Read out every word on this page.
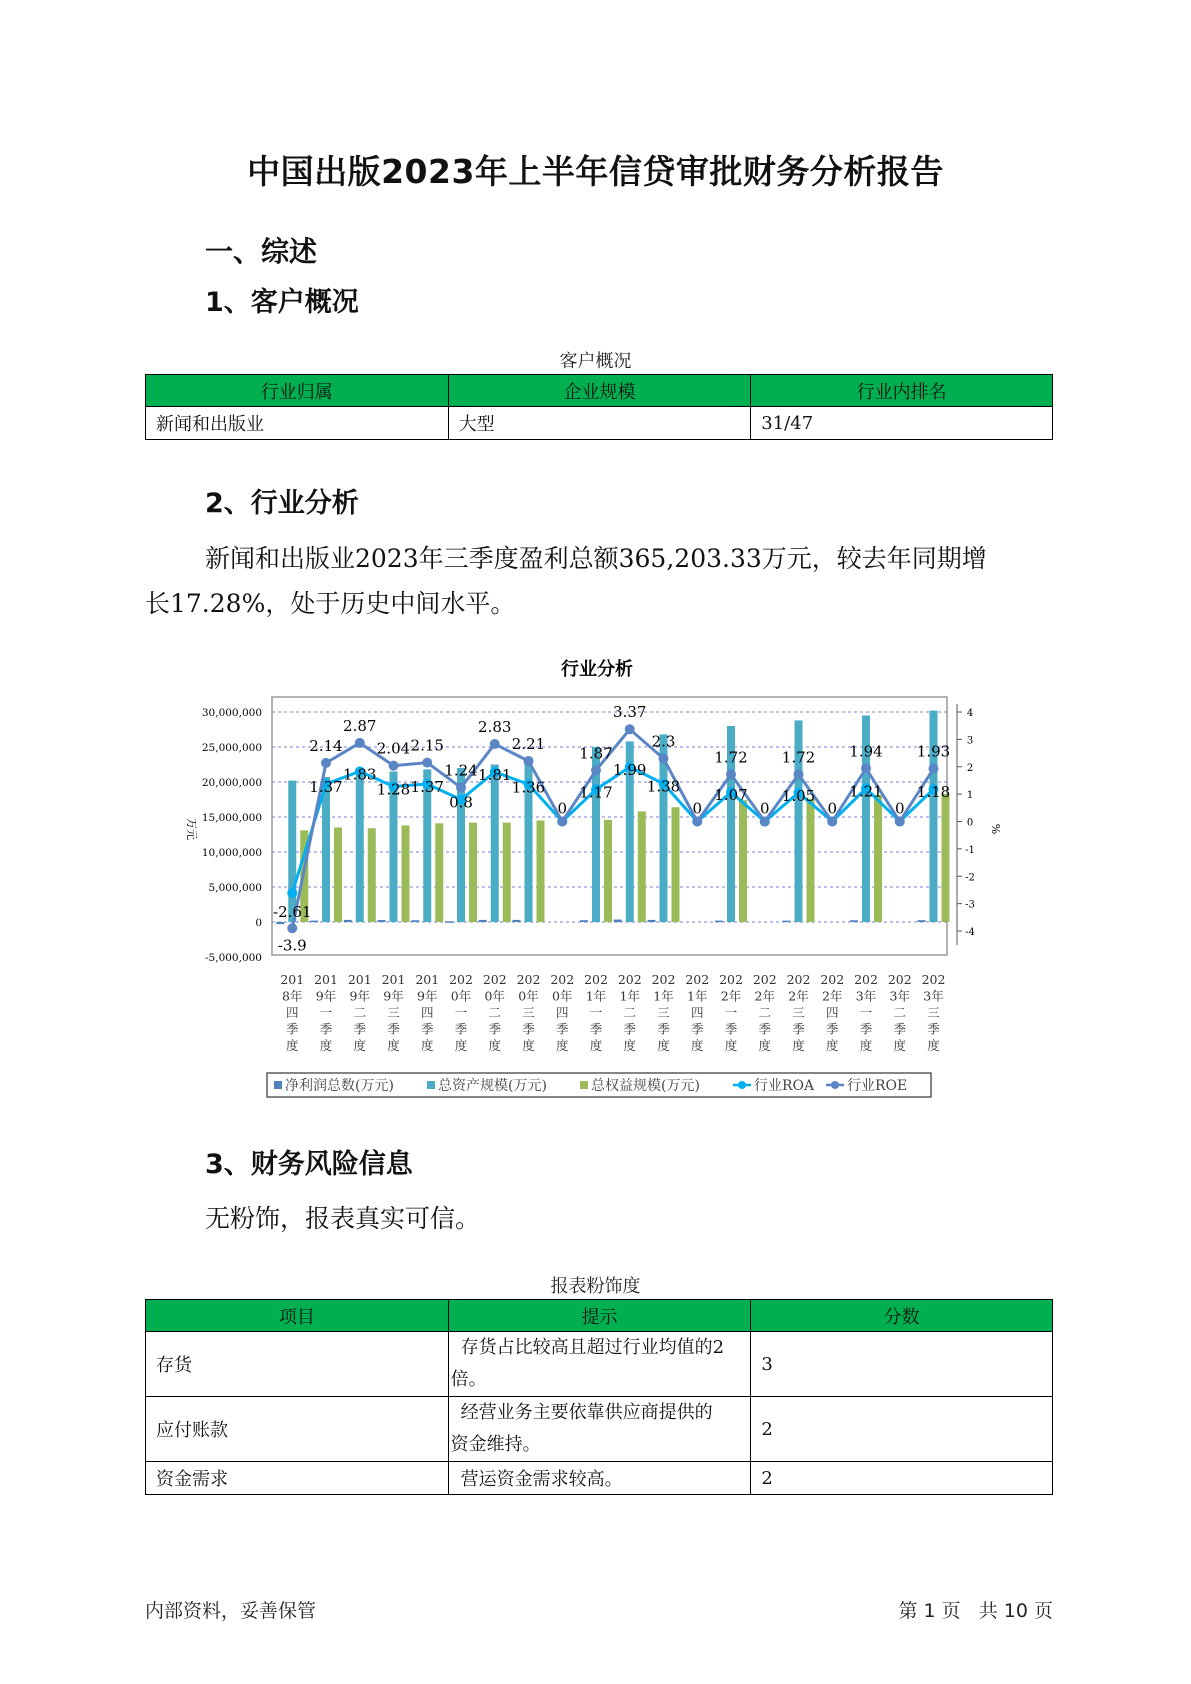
中国出版2023年上半年信贷审批财务分析报告
一、综述
1、客户概况
客户概况
行业归属	企业规模	行业内排名
新闻和出版业	大型	31/47
2、行业分析
新闻和出版业2023年三季度盈利总额365,203.33万元，较去年同期增
长17.28%，处于历史中间水平。
行业分析
30,000,000
25,000,000
20,000,000
15,000,000
10,000,000
5,000,000
0
-5,000,000
4
3
2
1
0
-1
-2
-3
-4
万元	%
-3.9
2.14
2.87
2.04 2.15
1.24
2.83
2.21
1.87
3.37
2.3
1.72 1.72 1.94 1.93
-2.61
1.37
1.83
1.28 1.37
0.8
1.81
1.36
0
1.17
1.99
1.38
0
1.07
0
1.05
0
1.21
0
1.18
201
8年
四
季
度
201
9年
一
季
度
201
9年
二
季
度
201
9年
三
季
度
201
9年
四
季
度
202
0年
一
季
度
202
0年
二
季
度
202
0年
三
季
度
202
0年
四
季
度
202
1年
一
季
度
202
1年
二
季
度
202
1年
三
季
度
202
1年
四
季
度
202
2年
一
季
度
202
2年
二
季
度
202
2年
三
季
度
202
2年
四
季
度
202
3年
一
季
度
202
3年
二
季
度
202
3年
三
季
度
净利润总数(万元)	总资产规模(万元)	总权益规模(万元)	行业ROA 行业ROE
3、财务风险信息
无粉饰，报表真实可信。
报表粉饰度
项目	提示	分数
存货	存货占比较高且超过行业均值的2
倍。	3
应付账款	经营业务主要依靠供应商提供的
资金维持。	2
资金需求	营运资金需求较高。	2
内部资料，妥善保管	第 1 页   共 10 页
